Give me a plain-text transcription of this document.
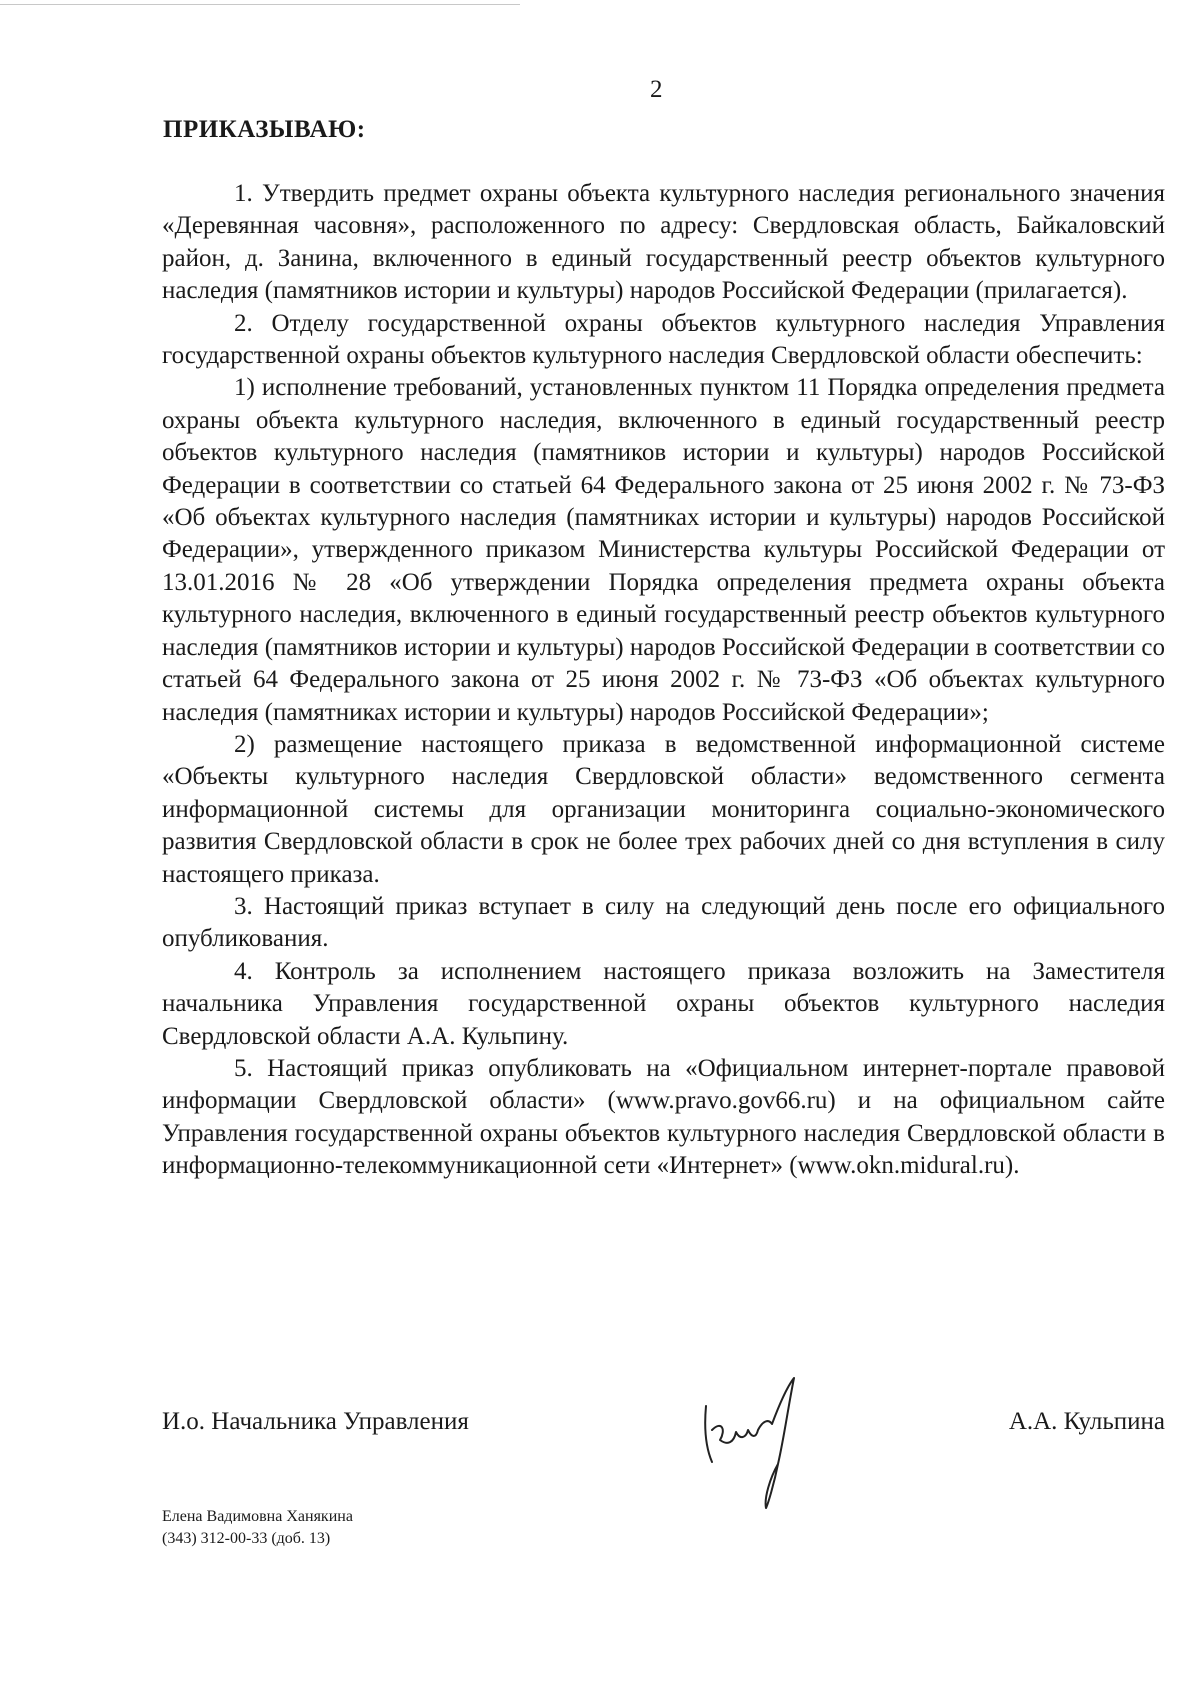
2
ПРИКАЗЫВАЮ:

1. Утвердить предмет охраны объекта культурного наследия регионального значения «Деревянная часовня», расположенного по адресу: Свердловская область, Байкаловский район, д. Занина, включенного в единый государственный реестр объектов культурного наследия (памятников истории и культуры) народов Российской Федерации (прилагается).

2. Отделу государственной охраны объектов культурного наследия Управления государственной охраны объектов культурного наследия Свердловской области обеспечить:

1) исполнение требований, установленных пунктом 11 Порядка определения предмета охраны объекта культурного наследия, включенного в единый государственный реестр объектов культурного наследия (памятников истории и культуры) народов Российской Федерации в соответствии со статьей 64 Федерального закона от 25 июня 2002 г. № 73-ФЗ «Об объектах культурного наследия (памятниках истории и культуры) народов Российской Федерации», утвержденного приказом Министерства культуры Российской Федерации от 13.01.2016 № 28 «Об утверждении Порядка определения предмета охраны объекта культурного наследия, включенного в единый государственный реестр объектов культурного наследия (памятников истории и культуры) народов Российской Федерации в соответствии со статьей 64 Федерального закона от 25 июня 2002 г. № 73-ФЗ «Об объектах культурного наследия (памятниках истории и культуры) народов Российской Федерации»;

2) размещение настоящего приказа в ведомственной информационной системе «Объекты культурного наследия Свердловской области» ведомственного сегмента информационной системы для организации мониторинга социально-экономического развития Свердловской области в срок не более трех рабочих дней со дня вступления в силу настоящего приказа.

3. Настоящий приказ вступает в силу на следующий день после его официального опубликования.

4. Контроль за исполнением настоящего приказа возложить на Заместителя начальника Управления государственной охраны объектов культурного наследия Свердловской области А.А. Кульпину.

5. Настоящий приказ опубликовать на «Официальном интернет-портале правовой информации Свердловской области» (www.pravo.gov66.ru) и на официальном сайте Управления государственной охраны объектов культурного наследия Свердловской области в информационно-телекоммуникационной сети «Интернет» (www.okn.midural.ru).

И.о. Начальника Управления	А.А. Кульпина
Елена Вадимовна Ханякина
(343) 312-00-33 (доб. 13)
